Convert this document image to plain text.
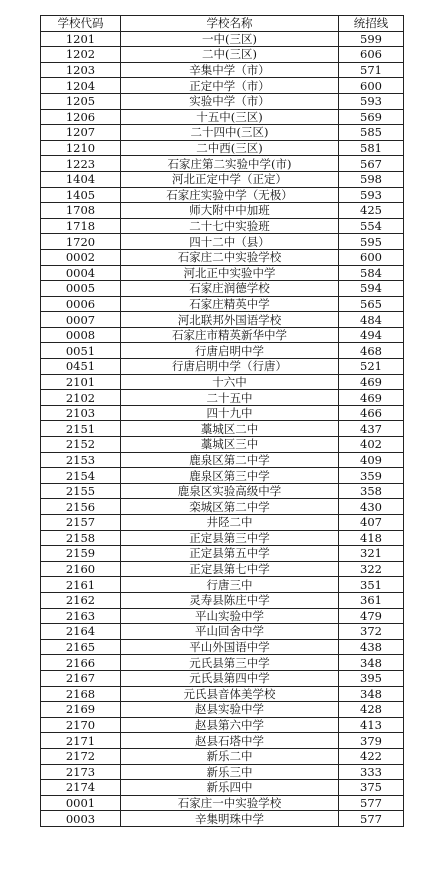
学校代码	学校名称	统招线
1201	一中(三区)	599
1202	二中(三区)	606
1203	辛集中学（市）	571
1204	正定中学（市）	600
1205	实验中学（市）	593
1206	十五中(三区)	569
1207	二十四中(三区)	585
1210	二中西(三区)	581
1223	石家庄第二实验中学(市)	567
1404	河北正定中学（正定）	598
1405	石家庄实验中学（无极）	593
1708	师大附中中加班	425
1718	二十七中实验班	554
1720	四十二中（县）	595
0002	石家庄二中实验学校	600
0004	河北正中实验中学	584
0005	石家庄润德学校	594
0006	石家庄精英中学	565
0007	河北联邦外国语学校	484
0008	石家庄市精英新华中学	494
0051	行唐启明中学	468
0451	行唐启明中学（行唐）	521
2101	十六中	469
2102	二十五中	469
2103	四十九中	466
2151	藁城区二中	437
2152	藁城区三中	402
2153	鹿泉区第二中学	409
2154	鹿泉区第三中学	359
2155	鹿泉区实验高级中学	358
2156	栾城区第二中学	430
2157	井陉二中	407
2158	正定县第三中学	418
2159	正定县第五中学	321
2160	正定县第七中学	322
2161	行唐三中	351
2162	灵寿县陈庄中学	361
2163	平山实验中学	479
2164	平山回舍中学	372
2165	平山外国语中学	438
2166	元氏县第三中学	348
2167	元氏县第四中学	395
2168	元氏县音体美学校	348
2169	赵县实验中学	428
2170	赵县第六中学	413
2171	赵县石塔中学	379
2172	新乐二中	422
2173	新乐三中	333
2174	新乐四中	375
0001	石家庄一中实验学校	577
0003	辛集明珠中学	577
